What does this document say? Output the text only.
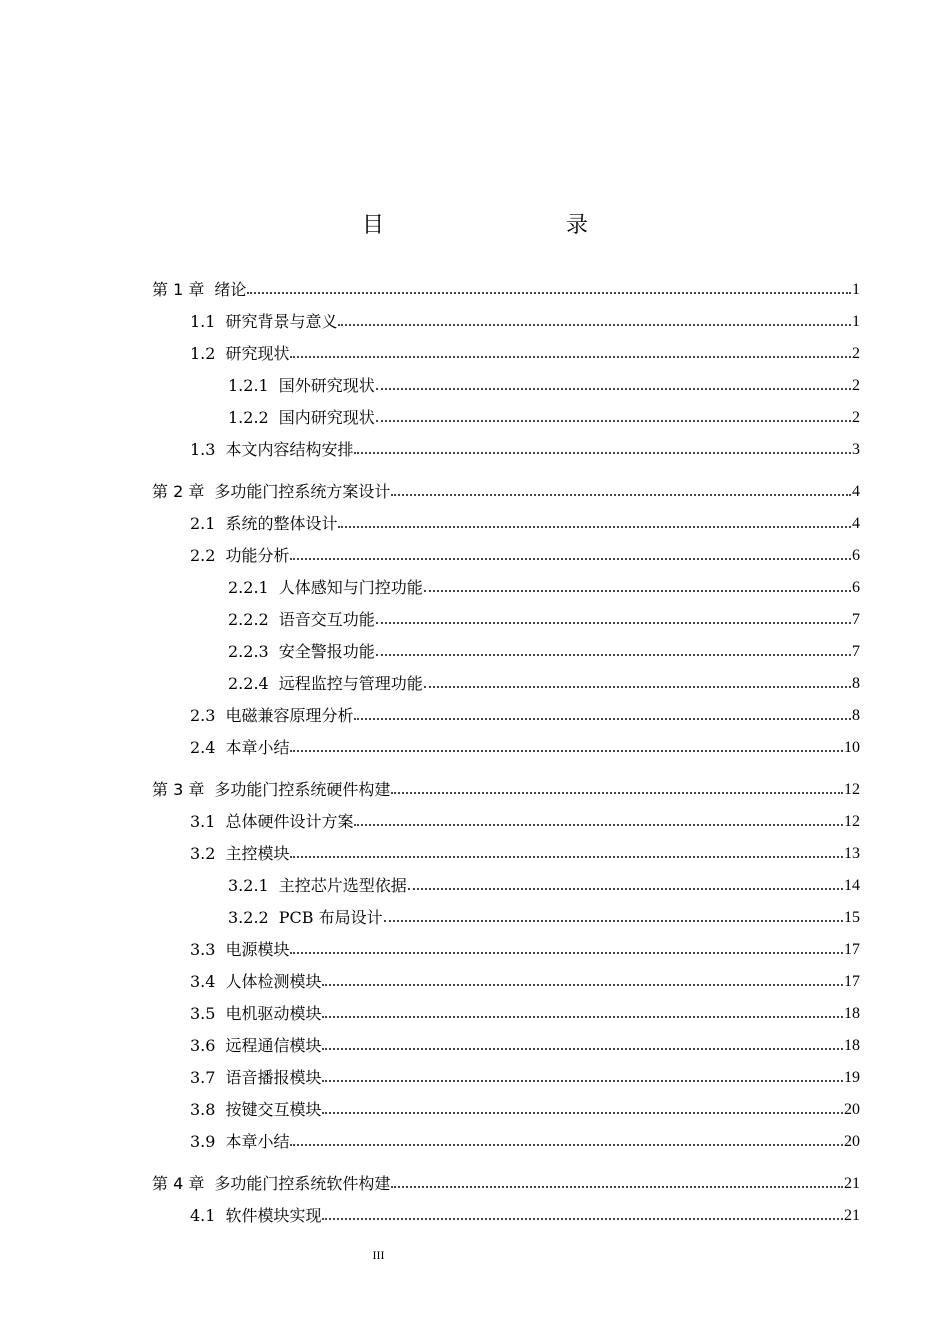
目　　录
第 1 章 绪论	1
1.1 研究背景与意义	1
1.2 研究现状	2
1.2.1 国外研究现状	2
1.2.2 国内研究现状	2
1.3 本文内容结构安排	3
第 2 章 多功能门控系统方案设计	4
2.1 系统的整体设计	4
2.2 功能分析	6
2.2.1 人体感知与门控功能	6
2.2.2 语音交互功能	7
2.2.3 安全警报功能	7
2.2.4 远程监控与管理功能	8
2.3 电磁兼容原理分析	8
2.4 本章小结	10
第 3 章 多功能门控系统硬件构建	12
3.1 总体硬件设计方案	12
3.2 主控模块	13
3.2.1 主控芯片选型依据	14
3.2.2 PCB 布局设计	15
3.3 电源模块	17
3.4 人体检测模块	17
3.5 电机驱动模块	18
3.6 远程通信模块	18
3.7 语音播报模块	19
3.8 按键交互模块	20
3.9 本章小结	20
第 4 章 多功能门控系统软件构建	21
4.1 软件模块实现	21
III
